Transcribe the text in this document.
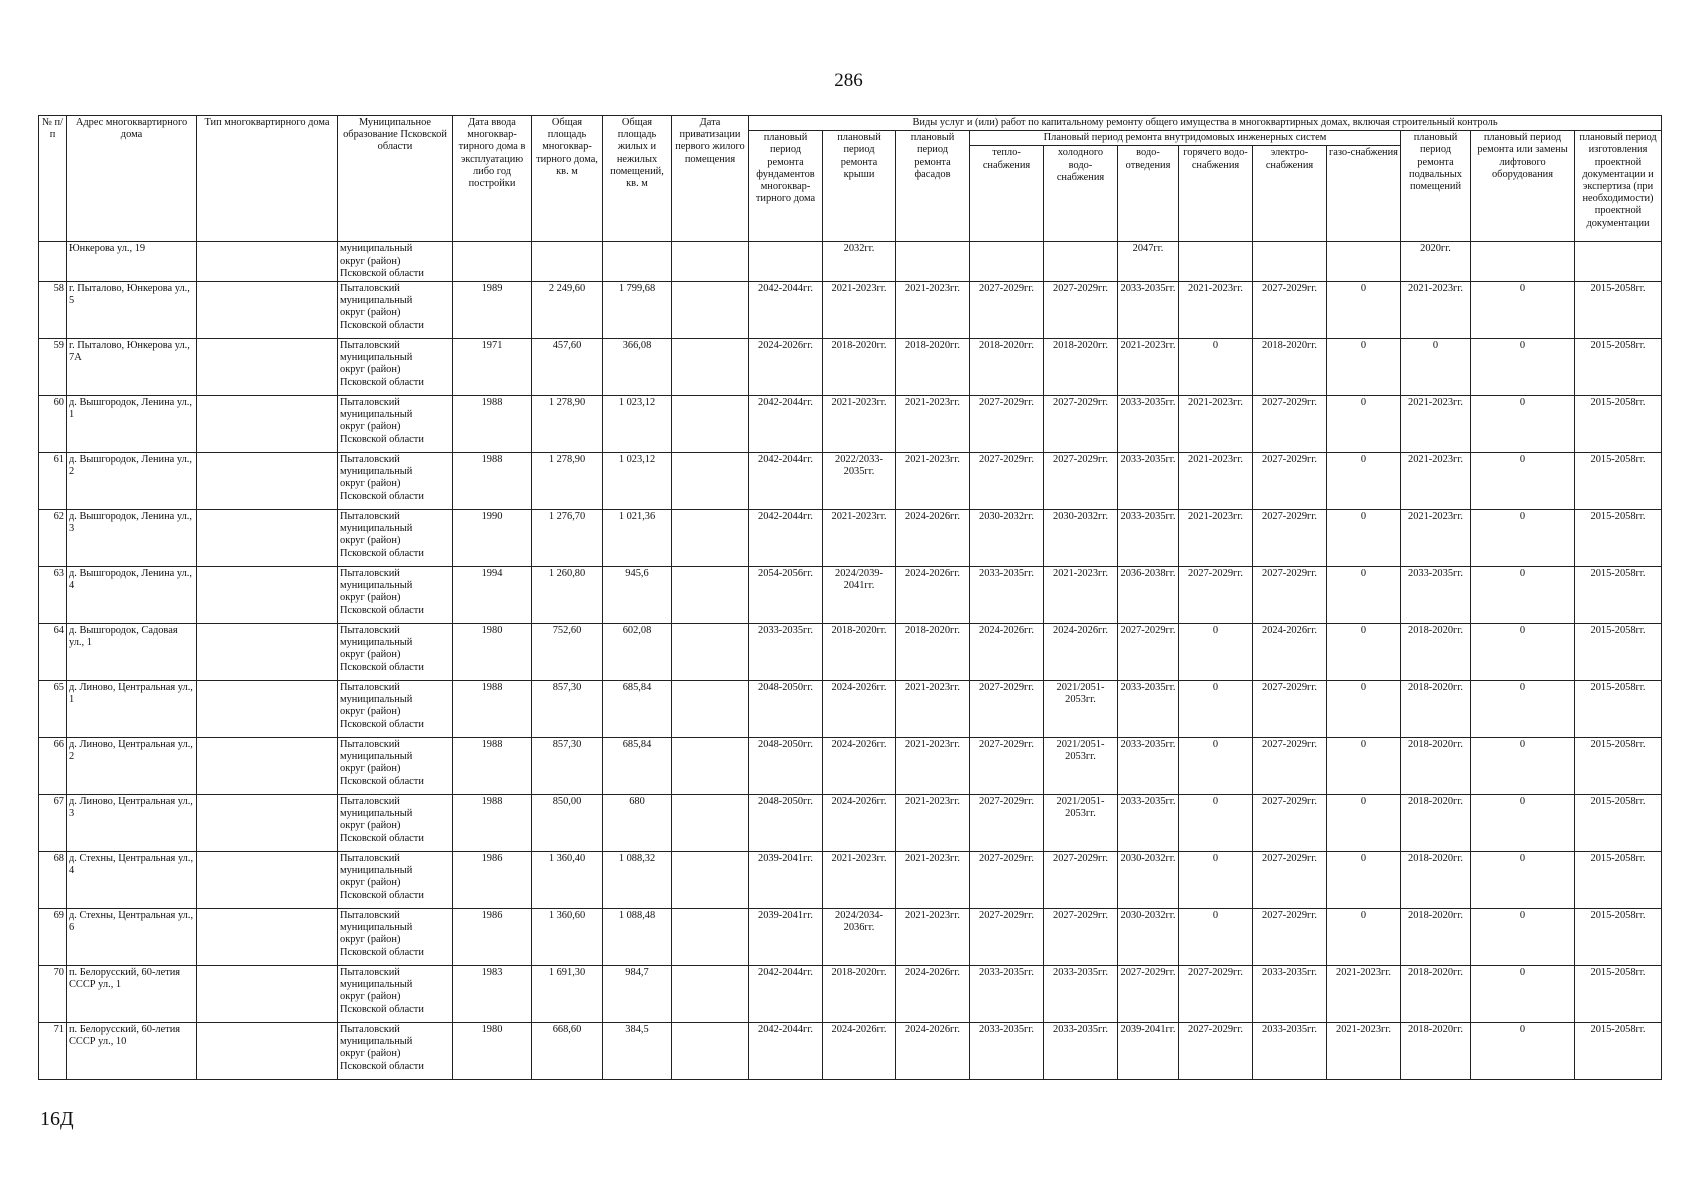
286
№ п/п	Адрес многоквартирного дома	Тип многоквартирного дома	Муниципальное образование Псковской области	Дата ввода многоквар-тирного дома в эксплуатацию либо год постройки	Общая площадь многоквар-тирного дома, кв. м	Общая площадь жилых и нежилых помещений, кв. м	Дата приватизации первого жилого помещения	Виды услуг и (или) работ по капитальному ремонту общего имущества в многоквартирных домах, включая строительный контроль											
								плановый период ремонта фундаментов многоквар-тирного дома	плановый период ремонта крыши	плановый период ремонта фасадов	Плановый период ремонта внутридомовых инженерных систем						плановый период ремонта подвальных помещений	плановый период ремонта или замены лифтового оборудования	плановый период изготовления проектной документации и экспертиза (при необходимости) проектной документации
											тепло-снабжения	холодного водо-снабжения	водо-отведения	горячего водо-снабжения	электро-снабжения	газо-снабжения			
	Юнкерова ул., 19		муниципальный
округ (район)
Псковской области						2032гг.				2047гг.				2020гг.		
58	г. Пыталово, Юнкерова ул., 5		Пыталовский
муниципальный
округ (район)
Псковской области	1989	2 249,60	1 799,68		2042-2044гг.	2021-2023гг.	2021-2023гг.	2027-2029гг.	2027-2029гг.	2033-2035гг.	2021-2023гг.	2027-2029гг.	0	2021-2023гг.	0	2015-2058гг.
59	г. Пыталово, Юнкерова ул., 7А		Пыталовский
муниципальный
округ (район)
Псковской области	1971	457,60	366,08		2024-2026гг.	2018-2020гг.	2018-2020гг.	2018-2020гг.	2018-2020гг.	2021-2023гг.	0	2018-2020гг.	0	0	0	2015-2058гг.
60	д. Вышгородок, Ленина ул., 1		Пыталовский
муниципальный
округ (район)
Псковской области	1988	1 278,90	1 023,12		2042-2044гг.	2021-2023гг.	2021-2023гг.	2027-2029гг.	2027-2029гг.	2033-2035гг.	2021-2023гг.	2027-2029гг.	0	2021-2023гг.	0	2015-2058гг.
61	д. Вышгородок, Ленина ул., 2		Пыталовский
муниципальный
округ (район)
Псковской области	1988	1 278,90	1 023,12		2042-2044гг.	2022/2033-2035гг.	2021-2023гг.	2027-2029гг.	2027-2029гг.	2033-2035гг.	2021-2023гг.	2027-2029гг.	0	2021-2023гг.	0	2015-2058гг.
62	д. Вышгородок, Ленина ул., 3		Пыталовский
муниципальный
округ (район)
Псковской области	1990	1 276,70	1 021,36		2042-2044гг.	2021-2023гг.	2024-2026гг.	2030-2032гг.	2030-2032гг.	2033-2035гг.	2021-2023гг.	2027-2029гг.	0	2021-2023гг.	0	2015-2058гг.
63	д. Вышгородок, Ленина ул., 4		Пыталовский
муниципальный
округ (район)
Псковской области	1994	1 260,80	945,6		2054-2056гг.	2024/2039-2041гг.	2024-2026гг.	2033-2035гг.	2021-2023гг.	2036-2038гг.	2027-2029гг.	2027-2029гг.	0	2033-2035гг.	0	2015-2058гг.
64	д. Вышгородок, Садовая ул., 1		Пыталовский
муниципальный
округ (район)
Псковской области	1980	752,60	602,08		2033-2035гг.	2018-2020гг.	2018-2020гг.	2024-2026гг.	2024-2026гг.	2027-2029гг.	0	2024-2026гг.	0	2018-2020гг.	0	2015-2058гг.
65	д. Линово, Центральная ул., 1		Пыталовский
муниципальный
округ (район)
Псковской области	1988	857,30	685,84		2048-2050гг.	2024-2026гг.	2021-2023гг.	2027-2029гг.	2021/2051-2053гг.	2033-2035гг.	0	2027-2029гг.	0	2018-2020гг.	0	2015-2058гг.
66	д. Линово, Центральная ул., 2		Пыталовский
муниципальный
округ (район)
Псковской области	1988	857,30	685,84		2048-2050гг.	2024-2026гг.	2021-2023гг.	2027-2029гг.	2021/2051-2053гг.	2033-2035гг.	0	2027-2029гг.	0	2018-2020гг.	0	2015-2058гг.
67	д. Линово, Центральная ул., 3		Пыталовский
муниципальный
округ (район)
Псковской области	1988	850,00	680		2048-2050гг.	2024-2026гг.	2021-2023гг.	2027-2029гг.	2021/2051-2053гг.	2033-2035гг.	0	2027-2029гг.	0	2018-2020гг.	0	2015-2058гг.
68	д. Стехны, Центральная ул., 4		Пыталовский
муниципальный
округ (район)
Псковской области	1986	1 360,40	1 088,32		2039-2041гг.	2021-2023гг.	2021-2023гг.	2027-2029гг.	2027-2029гг.	2030-2032гг.	0	2027-2029гг.	0	2018-2020гг.	0	2015-2058гг.
69	д. Стехны, Центральная ул., 6		Пыталовский
муниципальный
округ (район)
Псковской области	1986	1 360,60	1 088,48		2039-2041гг.	2024/2034-2036гг.	2021-2023гг.	2027-2029гг.	2027-2029гг.	2030-2032гг.	0	2027-2029гг.	0	2018-2020гг.	0	2015-2058гг.
70	п. Белорусский, 60-летия СССР ул., 1		Пыталовский
муниципальный
округ (район)
Псковской области	1983	1 691,30	984,7		2042-2044гг.	2018-2020гг.	2024-2026гг.	2033-2035гг.	2033-2035гг.	2027-2029гг.	2027-2029гг.	2033-2035гг.	2021-2023гг.	2018-2020гг.	0	2015-2058гг.
71	п. Белорусский, 60-летия СССР ул., 10		Пыталовский
муниципальный
округ (район)
Псковской области	1980	668,60	384,5		2042-2044гг.	2024-2026гг.	2024-2026гг.	2033-2035гг.	2033-2035гг.	2039-2041гг.	2027-2029гг.	2033-2035гг.	2021-2023гг.	2018-2020гг.	0	2015-2058гг.
16Д
